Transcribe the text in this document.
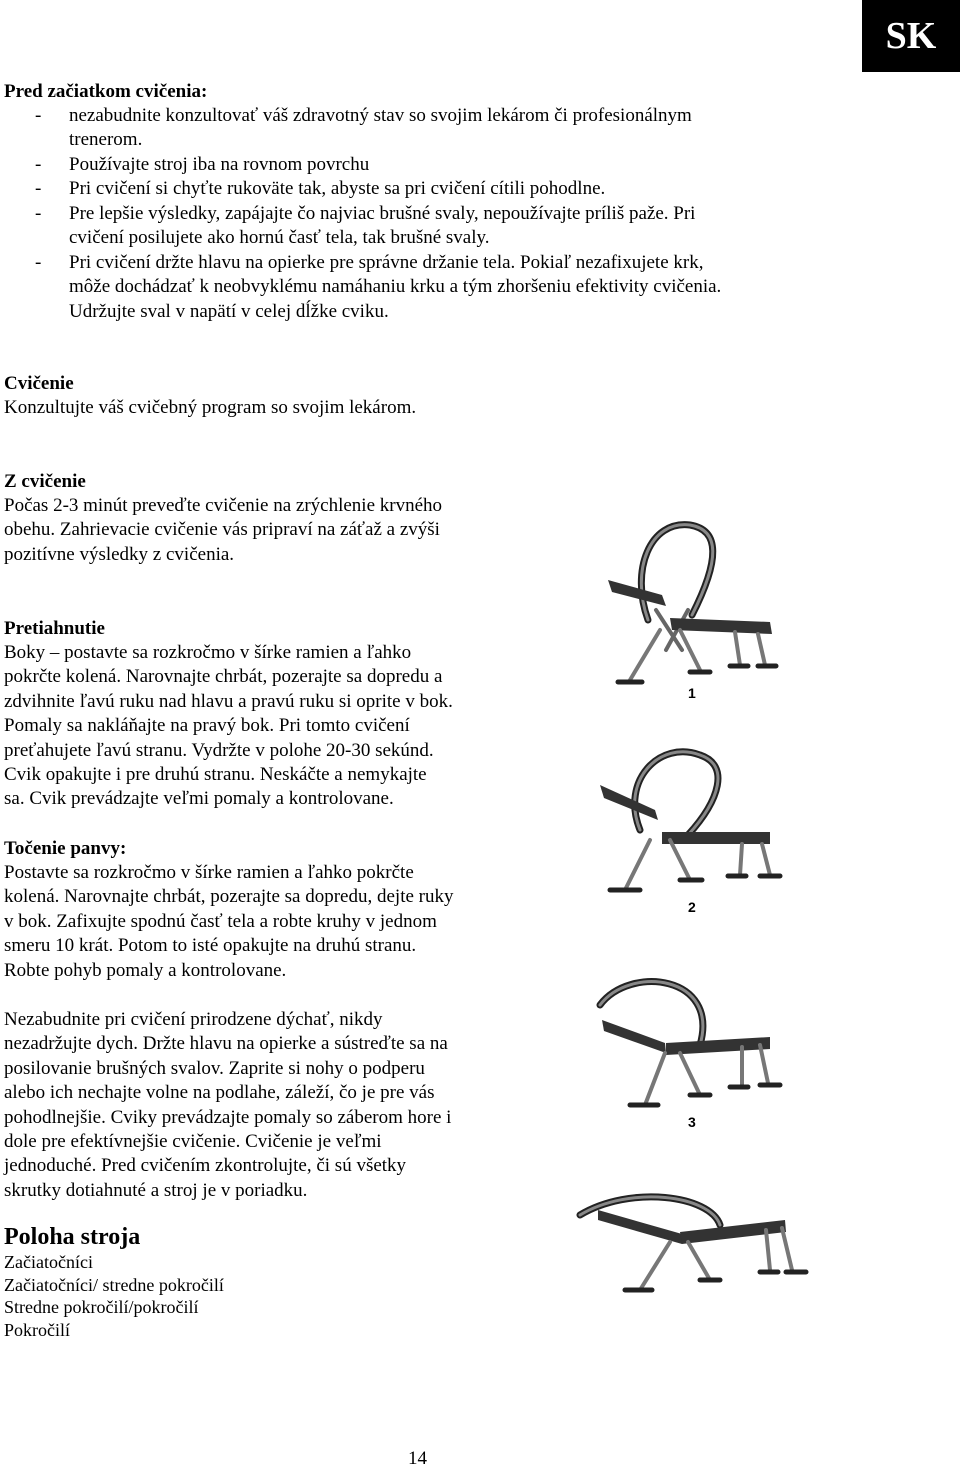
SK
Pred začiatkom cvičenia:
- nezabudnite konzultovať váš zdravotný stav so svojim lekárom či profesionálnym
trenerom.
- Používajte stroj iba na rovnom povrchu
- Pri cvičení si chyťte rukoväte tak, abyste sa pri cvičení cítili pohodlne.
- Pre lepšie výsledky, zapájajte čo najviac brušné svaly, nepoužívajte príliš paže. Pri
cvičení posilujete ako hornú časť tela, tak brušné svaly.
- Pri cvičení držte hlavu na opierke pre správne držanie tela. Pokiaľ nezafixujete krk,
môže dochádzať k neobvyklému namáhaniu krku a tým zhoršeniu efektivity cvičenia.
Udržujte sval v napätí v celej dĺžke cviku.
Cvičenie
Konzultujte váš cvičebný program so svojim lekárom.
Z cvičenie
Počas 2-3 minút preveďte cvičenie na zrýchlenie krvného
obehu. Zahrievacie cvičenie vás pripraví na záťaž a zvýši
pozitívne výsledky z cvičenia.
Pretiahnutie
Boky – postavte sa rozkročmo v šírke ramien a ľahko
pokrčte kolená. Narovnajte chrbát, pozerajte sa dopredu a
zdvihnite ľavú ruku nad hlavu a pravú ruku si oprite v bok.
Pomaly sa nakláňajte na pravý bok. Pri tomto cvičení
preťahujete ľavú stranu. Vydržte v polohe 20-30 sekúnd.
Cvik opakujte i pre druhú stranu. Neskáčte a nemykajte
sa. Cvik prevádzajte veľmi pomaly a kontrolovane.
Točenie panvy:
Postavte sa rozkročmo v šírke ramien a ľahko pokrčte
kolená. Narovnajte chrbát, pozerajte sa dopredu, dejte ruky
v bok. Zafixujte spodnú časť tela a robte kruhy v jednom
smeru 10 krát. Potom to isté opakujte na druhú stranu.
Robte pohyb pomaly a kontrolovane.
Nezabudnite pri cvičení prirodzene dýchať, nikdy
nezadržujte dych. Držte hlavu na opierke a sústreďte sa na
posilovanie brušných svalov. Zaprite si nohy o podperu
alebo ich nechajte volne na podlahe, záleží, čo je pre vás
pohodlnejšie. Cviky prevádzajte pomaly so záberom hore i
dole pre efektívnejšie cvičenie. Cvičenie je veľmi
jednoduché. Pred cvičením zkontrolujte, či sú všetky
skrutky dotiahnuté a stroj je v poriadku.
Poloha stroja
Začiatočníci
Začiatočníci/ stredne pokročilí
Stredne pokročilí/pokročilí
Pokročilí
1
2
3
14
